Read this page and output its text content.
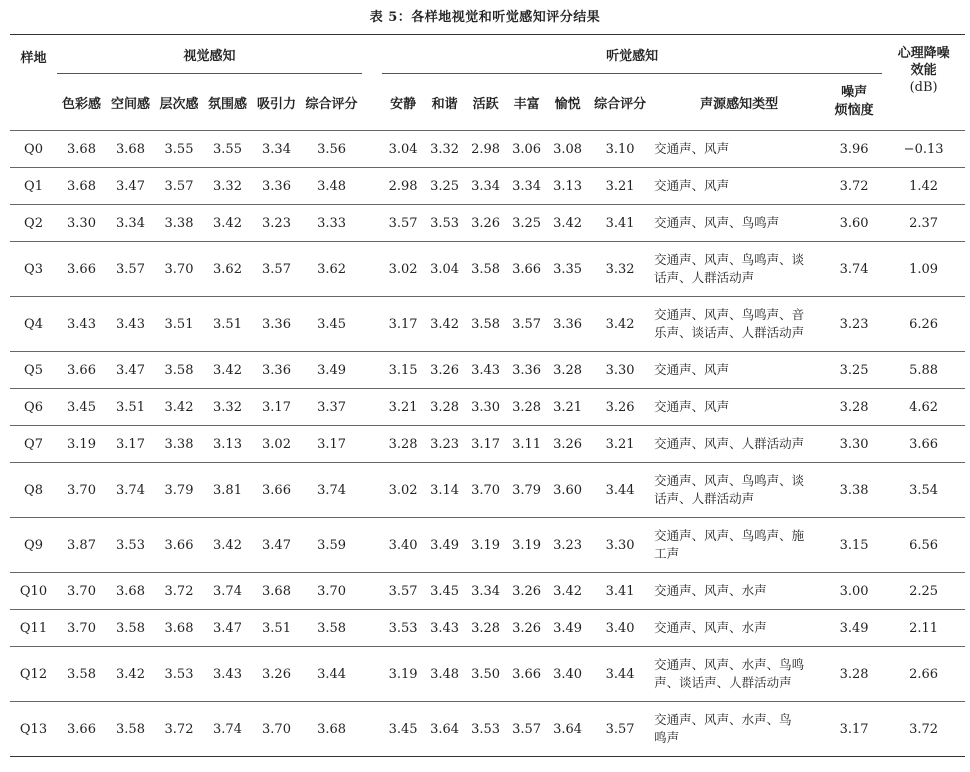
表 5：各样地视觉和听觉感知评分结果
样地	视觉感知							听觉感知								心理降噪
效能
(dB)

	色彩感	空间感	层次感	氛围感	吸引力	综合评分		安静	和谐	活跃	丰富	愉悦	综合评分	声源感知类型	噪声
烦恼度	

Q0	3.68	3.68	3.55	3.55	3.34	3.56		3.04	3.32	2.98	3.06	3.08	3.10	交通声、风声	3.96	−0.13
Q1	3.68	3.47	3.57	3.32	3.36	3.48		2.98	3.25	3.34	3.34	3.13	3.21	交通声、风声	3.72	1.42
Q2	3.30	3.34	3.38	3.42	3.23	3.33		3.57	3.53	3.26	3.25	3.42	3.41	交通声、风声、鸟鸣声	3.60	2.37
Q3	3.66	3.57	3.70	3.62	3.57	3.62		3.02	3.04	3.58	3.66	3.35	3.32	交通声、风声、鸟鸣声、谈
话声、人群活动声	3.74	1.09
Q4	3.43	3.43	3.51	3.51	3.36	3.45		3.17	3.42	3.58	3.57	3.36	3.42	交通声、风声、鸟鸣声、音
乐声、谈话声、人群活动声	3.23	6.26
Q5	3.66	3.47	3.58	3.42	3.36	3.49		3.15	3.26	3.43	3.36	3.28	3.30	交通声、风声	3.25	5.88
Q6	3.45	3.51	3.42	3.32	3.17	3.37		3.21	3.28	3.30	3.28	3.21	3.26	交通声、风声	3.28	4.62
Q7	3.19	3.17	3.38	3.13	3.02	3.17		3.28	3.23	3.17	3.11	3.26	3.21	交通声、风声、人群活动声	3.30	3.66
Q8	3.70	3.74	3.79	3.81	3.66	3.74		3.02	3.14	3.70	3.79	3.60	3.44	交通声、风声、鸟鸣声、谈
话声、人群活动声	3.38	3.54
Q9	3.87	3.53	3.66	3.42	3.47	3.59		3.40	3.49	3.19	3.19	3.23	3.30	交通声、风声、鸟鸣声、施
工声	3.15	6.56
Q10	3.70	3.68	3.72	3.74	3.68	3.70		3.57	3.45	3.34	3.26	3.42	3.41	交通声、风声、水声	3.00	2.25
Q11	3.70	3.58	3.68	3.47	3.51	3.58		3.53	3.43	3.28	3.26	3.49	3.40	交通声、风声、水声	3.49	2.11
Q12	3.58	3.42	3.53	3.43	3.26	3.44		3.19	3.48	3.50	3.66	3.40	3.44	交通声、风声、水声、鸟鸣
声、谈话声、人群活动声	3.28	2.66
Q13	3.66	3.58	3.72	3.74	3.70	3.68		3.45	3.64	3.53	3.57	3.64	3.57	交通声、风声、水声、鸟
鸣声	3.17	3.72
